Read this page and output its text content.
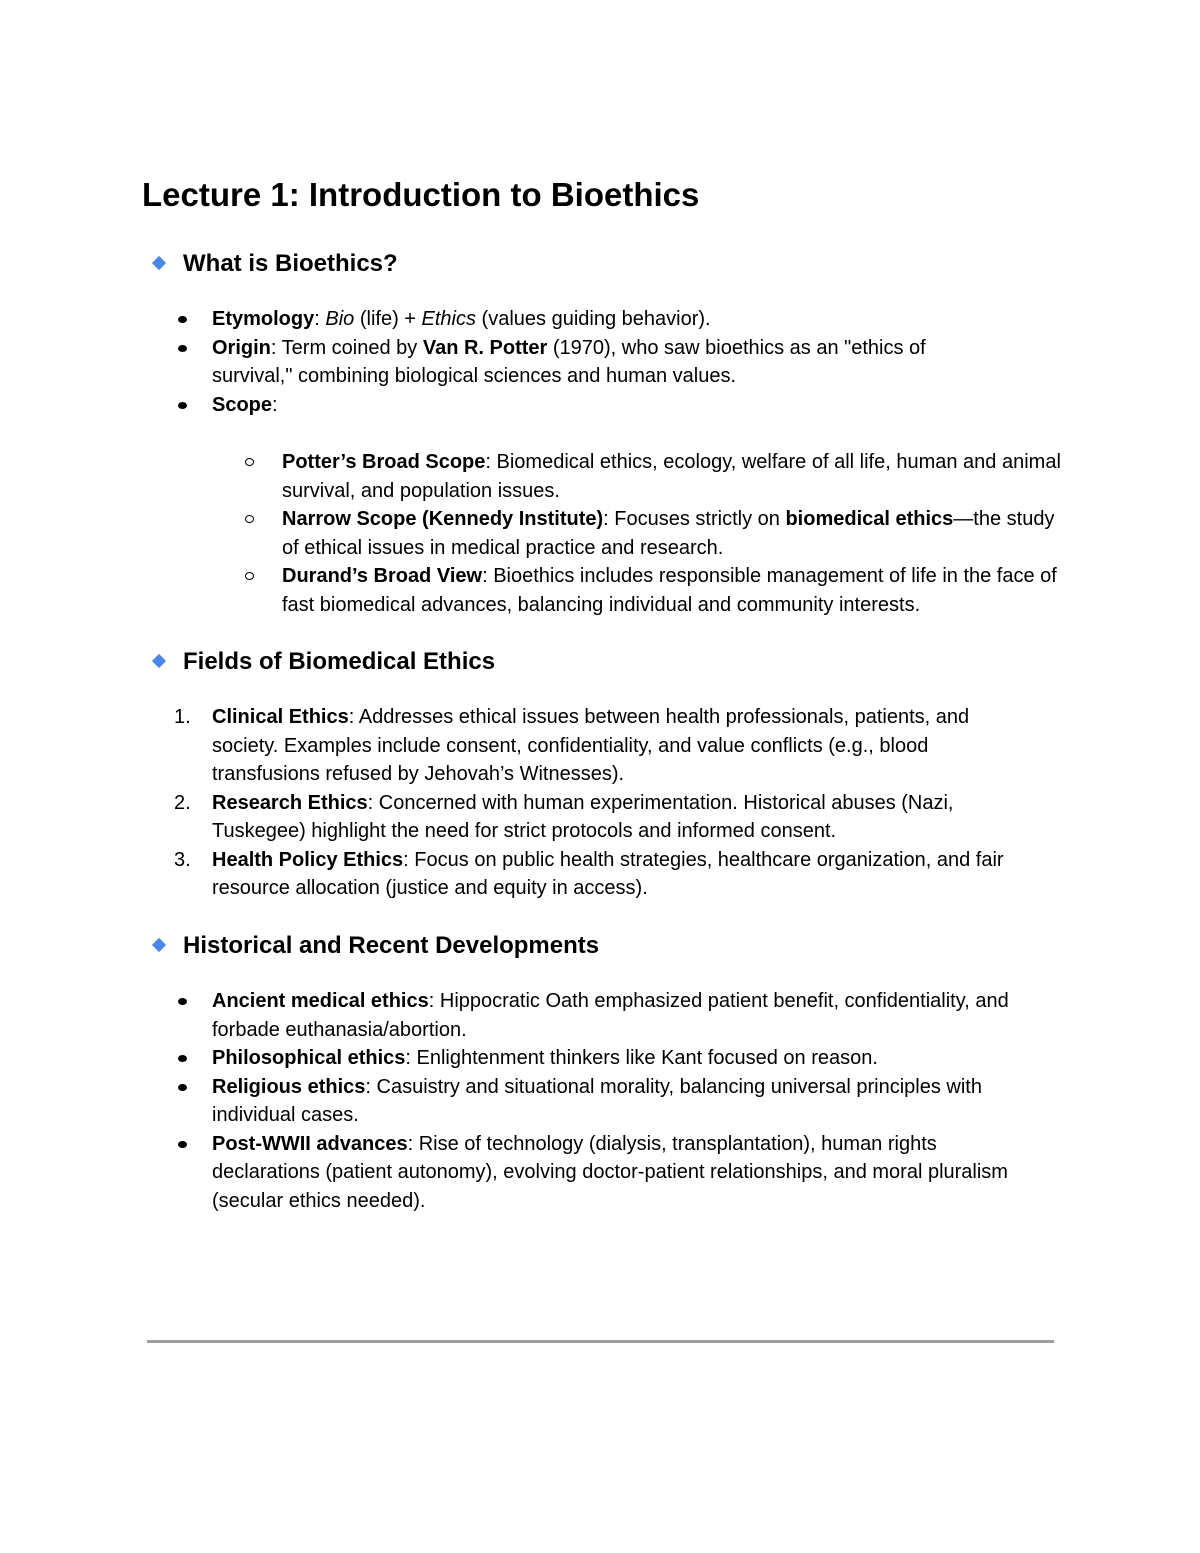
Lecture 1: Introduction to Bioethics
What is Bioethics?
Etymology: Bio (life) + Ethics (values guiding behavior).
Origin: Term coined by Van R. Potter (1970), who saw bioethics as an "ethics of survival," combining biological sciences and human values.
Scope:
Potter’s Broad Scope: Biomedical ethics, ecology, welfare of all life, human and animal survival, and population issues.
Narrow Scope (Kennedy Institute): Focuses strictly on biomedical ethics—the study of ethical issues in medical practice and research.
Durand’s Broad View: Bioethics includes responsible management of life in the face of fast biomedical advances, balancing individual and community interests.
Fields of Biomedical Ethics
1. Clinical Ethics: Addresses ethical issues between health professionals, patients, and society. Examples include consent, confidentiality, and value conflicts (e.g., blood transfusions refused by Jehovah’s Witnesses).
2. Research Ethics: Concerned with human experimentation. Historical abuses (Nazi, Tuskegee) highlight the need for strict protocols and informed consent.
3. Health Policy Ethics: Focus on public health strategies, healthcare organization, and fair resource allocation (justice and equity in access).
Historical and Recent Developments
Ancient medical ethics: Hippocratic Oath emphasized patient benefit, confidentiality, and forbade euthanasia/abortion.
Philosophical ethics: Enlightenment thinkers like Kant focused on reason.
Religious ethics: Casuistry and situational morality, balancing universal principles with individual cases.
Post-WWII advances: Rise of technology (dialysis, transplantation), human rights declarations (patient autonomy), evolving doctor-patient relationships, and moral pluralism (secular ethics needed).
